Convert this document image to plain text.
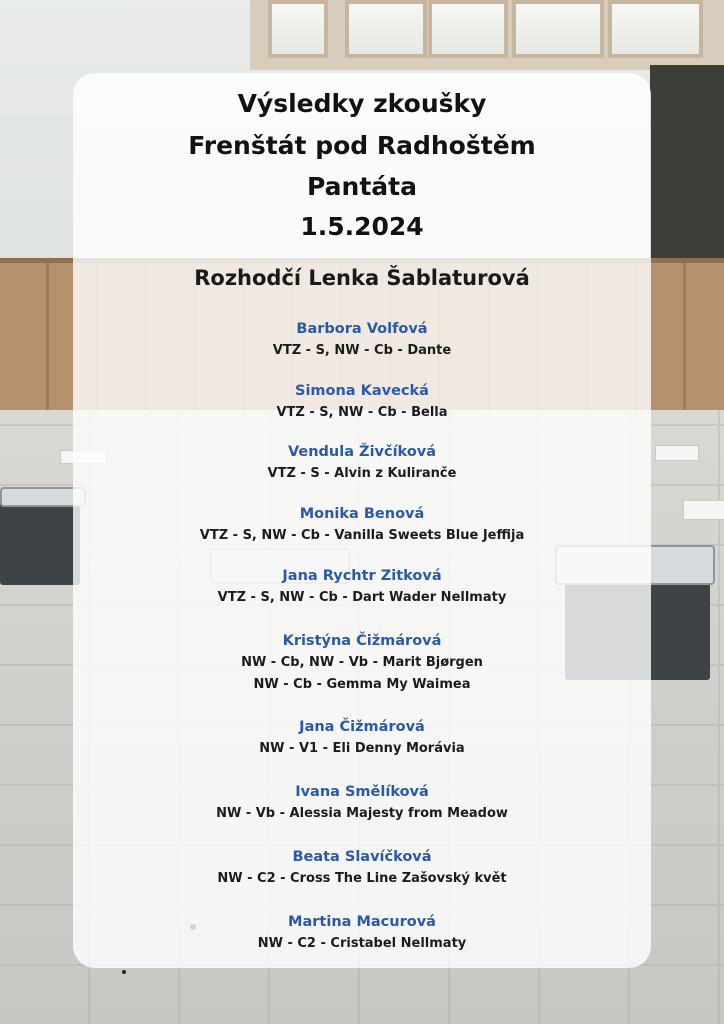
Výsledky zkoušky
Frenštát pod Radhoštěm
Pantáta
1.5.2024
Rozhodčí Lenka Šablaturová
Barbora Volfová
VTZ - S, NW - Cb - Dante
Simona Kavecká
VTZ - S, NW - Cb - Bella
Vendula Živčíková
VTZ - S - Alvin z Kuliranče
Monika Benová
VTZ - S, NW - Cb - Vanilla Sweets Blue Jeffija
Jana Rychtr Zitková
VTZ - S, NW - Cb - Dart Wader Nellmaty
Kristýna Čižmárová
NW - Cb, NW - Vb - Marit Bjørgen
NW - Cb - Gemma My Waimea
Jana Čižmárová
NW - V1 - Eli Denny Morávia
Ivana Smělíková
NW - Vb - Alessia Majesty from Meadow
Beata Slavíčková
NW - C2 - Cross The Line Zašovský květ
Martina Macurová
NW - C2 - Cristabel Nellmaty
